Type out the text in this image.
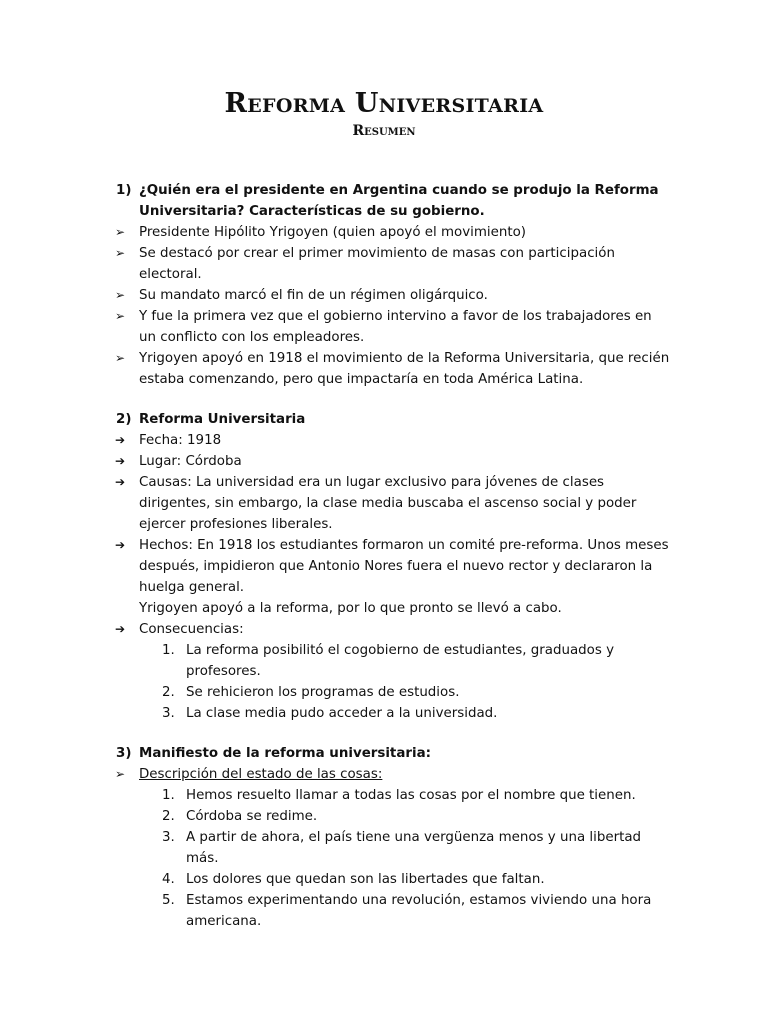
Reforma Universitaria
Resumen
1) ¿Quién era el presidente en Argentina cuando se produjo la Reforma Universitaria? Características de su gobierno.
➢ Presidente Hipólito Yrigoyen (quien apoyó el movimiento)
➢ Se destacó por crear el primer movimiento de masas con participación electoral.
➢ Su mandato marcó el fin de un régimen oligárquico.
➢ Y fue la primera vez que el gobierno intervino a favor de los trabajadores en un conflicto con los empleadores.
➢ Yrigoyen apoyó en 1918 el movimiento de la Reforma Universitaria, que recién estaba comenzando, pero que impactaría en toda América Latina.
2) Reforma Universitaria
➔ Fecha: 1918
➔ Lugar: Córdoba
➔ Causas: La universidad era un lugar exclusivo para jóvenes de clases dirigentes, sin embargo, la clase media buscaba el ascenso social y poder ejercer profesiones liberales.
➔ Hechos: En 1918 los estudiantes formaron un comité pre-reforma. Unos meses después, impidieron que Antonio Nores fuera el nuevo rector y declararon la huelga general.
Yrigoyen apoyó a la reforma, por lo que pronto se llevó a cabo.
➔ Consecuencias:
1. La reforma posibilitó el cogobierno de estudiantes, graduados y profesores.
2. Se rehicieron los programas de estudios.
3. La clase media pudo acceder a la universidad.
3) Manifiesto de la reforma universitaria:
➢ Descripción del estado de las cosas:
1. Hemos resuelto llamar a todas las cosas por el nombre que tienen.
2. Córdoba se redime.
3. A partir de ahora, el país tiene una vergüenza menos y una libertad más.
4. Los dolores que quedan son las libertades que faltan.
5. Estamos experimentando una revolución, estamos viviendo una hora americana.
